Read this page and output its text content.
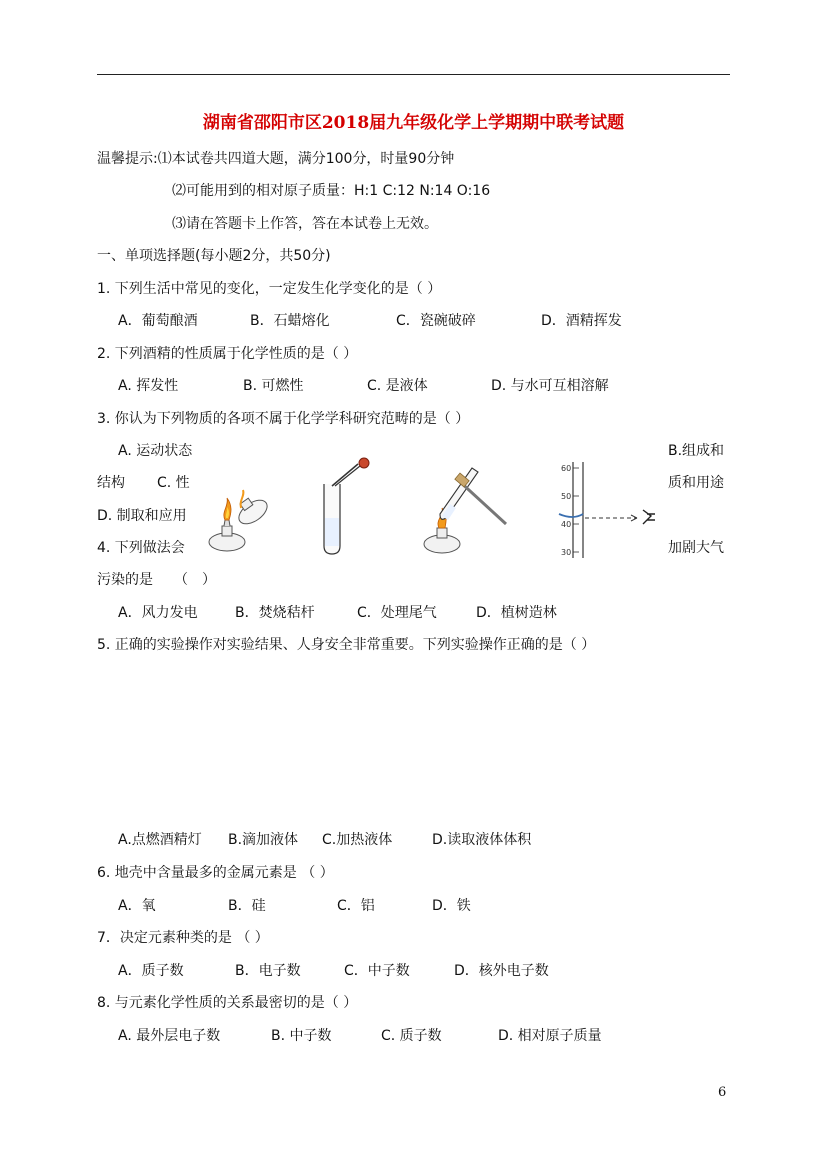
湖南省邵阳市区2018届九年级化学上学期期中联考试题
温馨提示:⑴本试卷共四道大题，满分100分，时量90分钟
⑵可能用到的相对原子质量：H:1 C:12 N:14 O:16
⑶请在答题卡上作答，答在本试卷上无效。
一、单项选择题(每小题2分，共50分)
1. 下列生活中常见的变化，一定发生化学变化的是（ ）
A．葡萄酿酒	B．石蜡熔化	C．瓷碗破碎	D．酒精挥发
2. 下列酒精的性质属于化学性质的是（ ）
A. 挥发性	B. 可燃性	C. 是液体	D. 与水可互相溶解
3. 你认为下列物质的各项不属于化学学科研究范畴的是（ ）
A. 运动状态	B.组成和
结构 C. 性	质和用途
D. 制取和应用
4. 下列做法会	加剧大气
污染的是　　（　）
A．风力发电	B．焚烧秸杆	C．处理尾气	D．植树造林
5. 正确的实验操作对实验结果、人身安全非常重要。下列实验操作正确的是（ ）
60
50
40
30
A.点燃酒精灯 B.滴加液体 C.加热液体	D.读取液体体积
6. 地壳中含量最多的金属元素是 （ ）
A．氧	B．硅	C．铝	D．铁
7．决定元素种类的是 （ ）
A．质子数	B．电子数	C．中子数	D．核外电子数
8. 与元素化学性质的关系最密切的是（ ）
A. 最外层电子数	B. 中子数	C. 质子数	D. 相对原子质量
6
